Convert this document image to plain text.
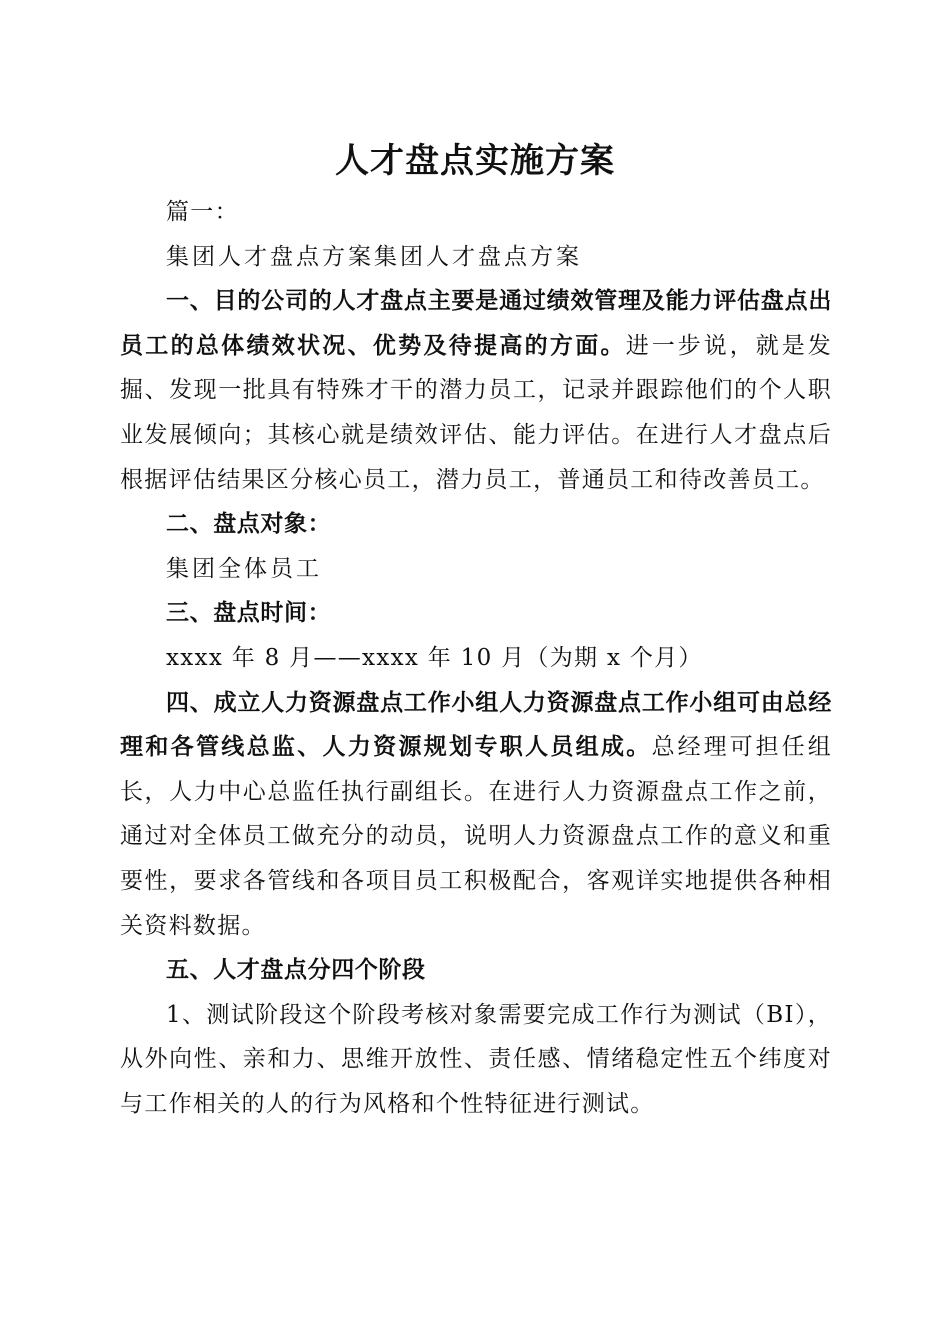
人才盘点实施方案

篇一：

集团人才盘点方案集团人才盘点方案

一、目的公司的人才盘点主要是通过绩效管理及能力评估盘点出员工的总体绩效状况、优势及待提高的方面。进一步说，就是发掘、发现一批具有特殊才干的潜力员工，记录并跟踪他们的个人职业发展倾向；其核心就是绩效评估、能力评估。在进行人才盘点后根据评估结果区分核心员工，潜力员工，普通员工和待改善员工。

二、盘点对象：

集团全体员工

三、盘点时间：

xxxx 年 8 月——xxxx 年 10 月（为期 x 个月）

四、成立人力资源盘点工作小组人力资源盘点工作小组可由总经理和各管线总监、人力资源规划专职人员组成。总经理可担任组长，人力中心总监任执行副组长。在进行人力资源盘点工作之前，通过对全体员工做充分的动员，说明人力资源盘点工作的意义和重要性，要求各管线和各项目员工积极配合，客观详实地提供各种相关资料数据。

五、人才盘点分四个阶段

1、测试阶段这个阶段考核对象需要完成工作行为测试（BI），从外向性、亲和力、思维开放性、责任感、情绪稳定性五个纬度对与工作相关的人的行为风格和个性特征进行测试。
